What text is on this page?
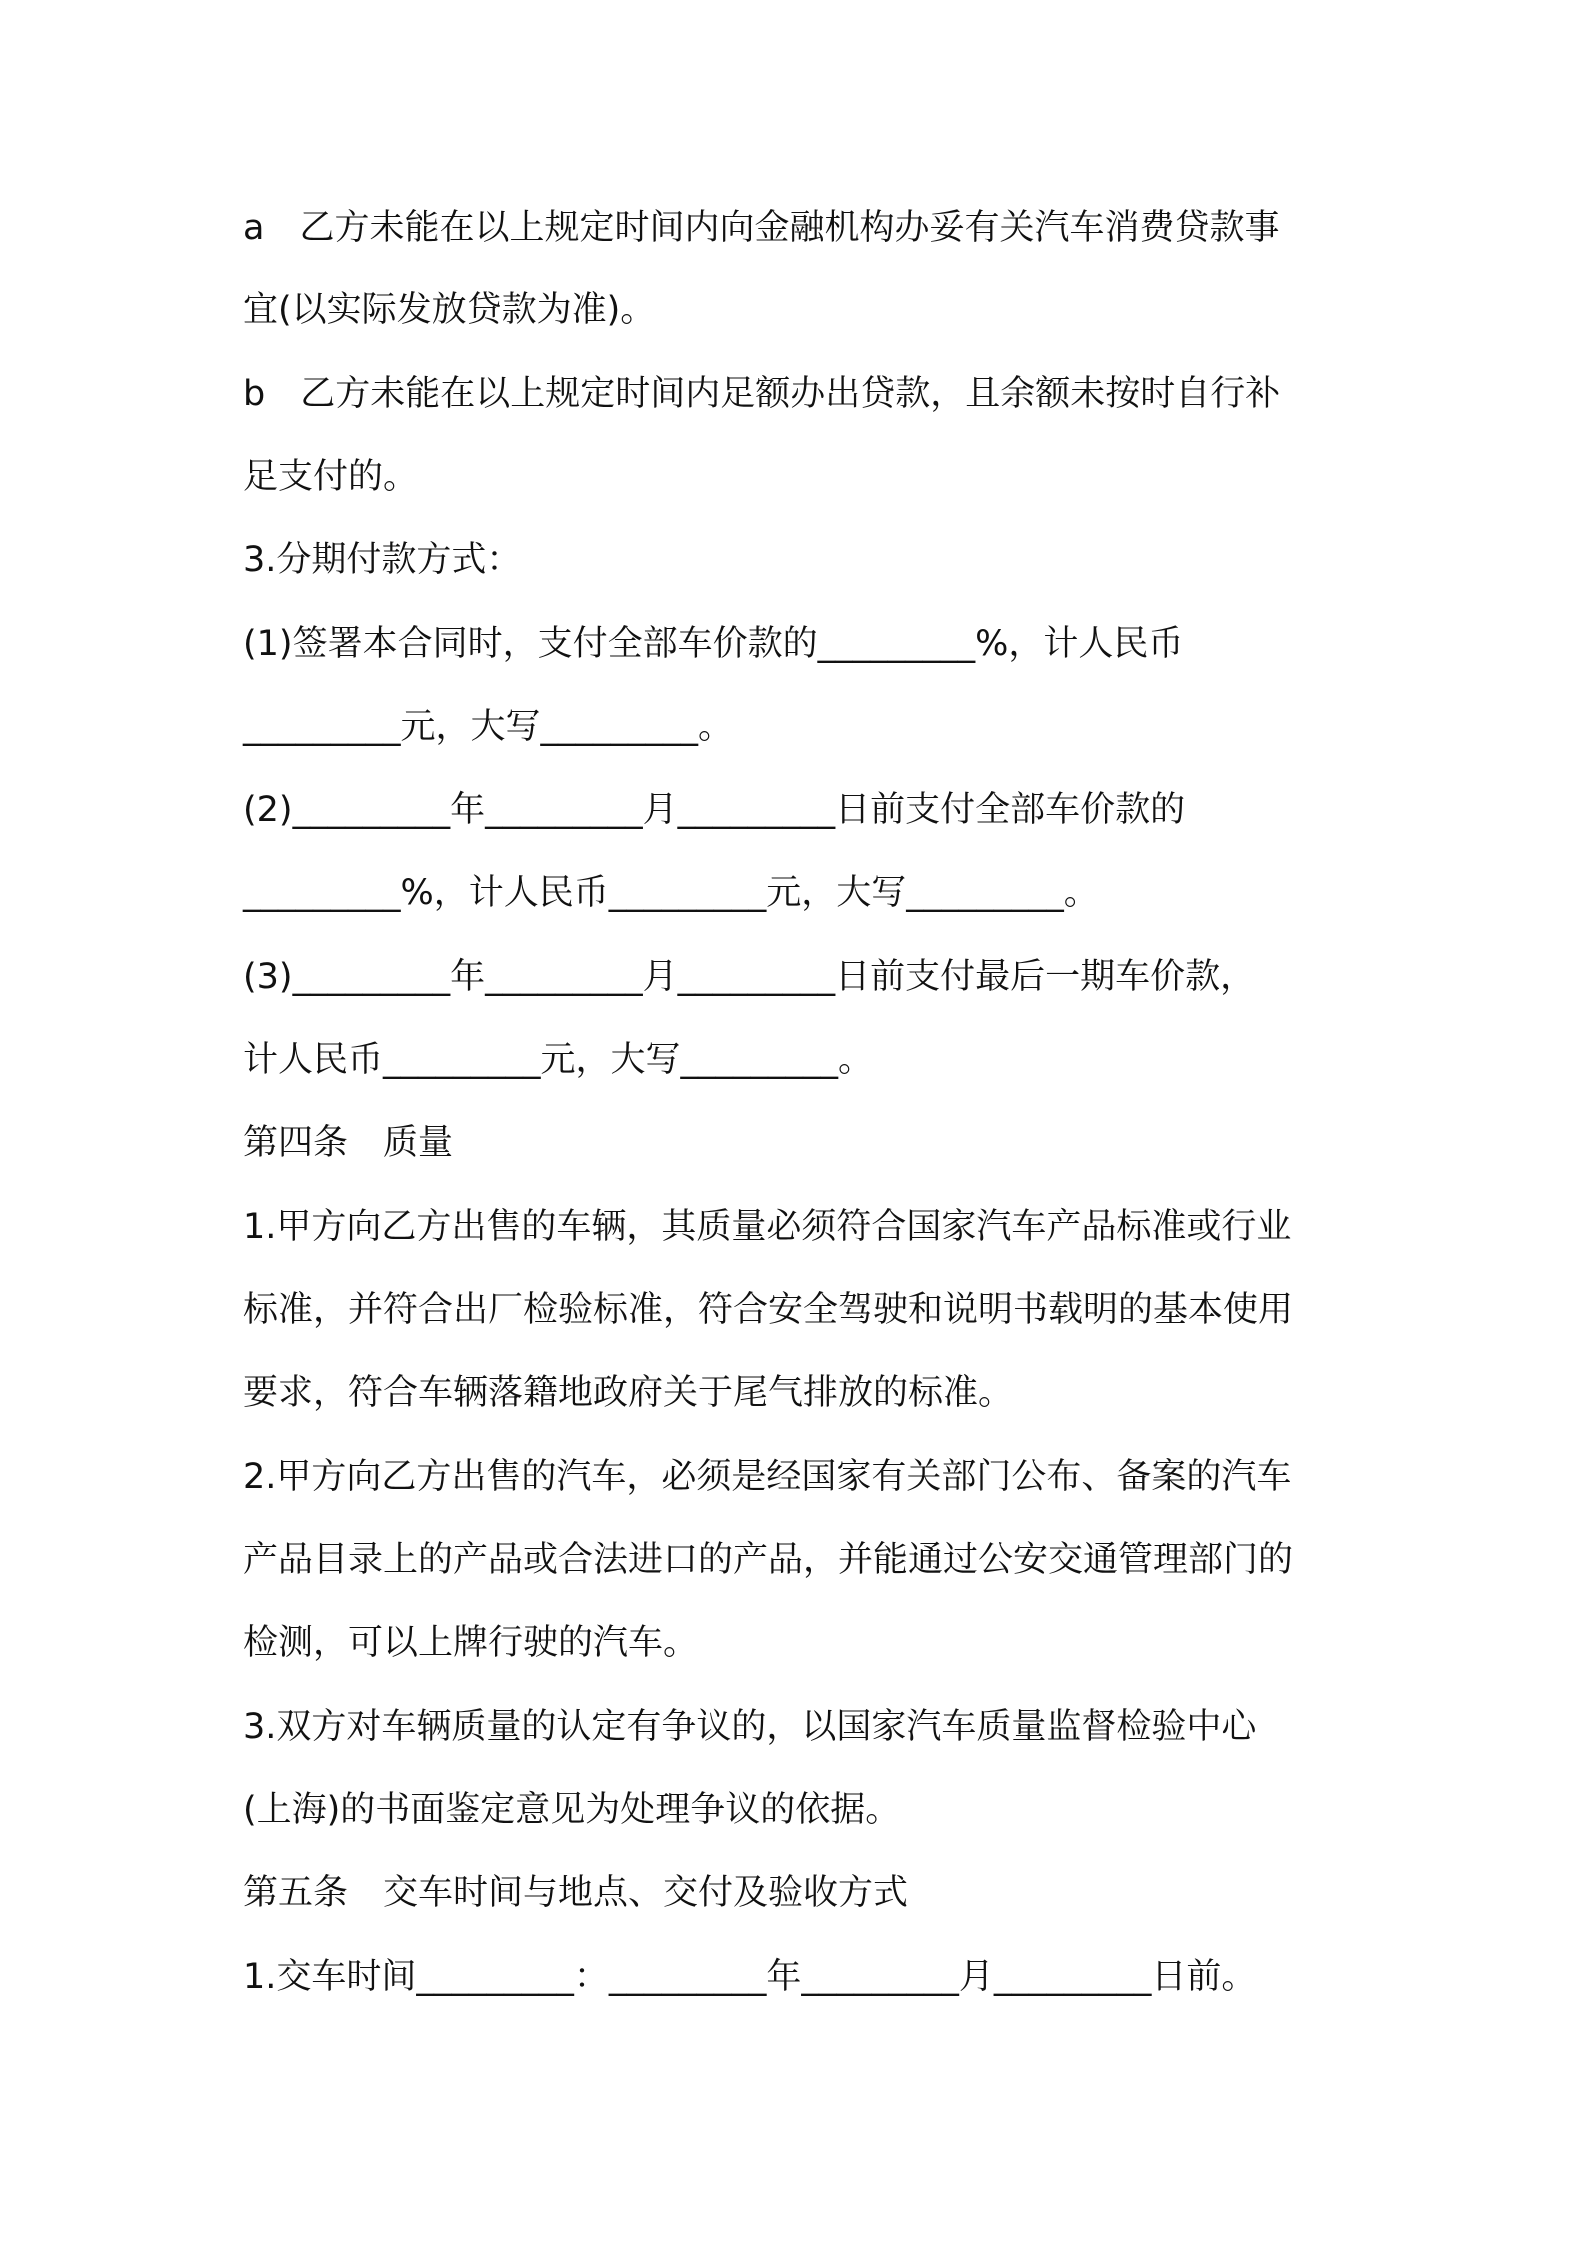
a　乙方未能在以上规定时间内向金融机构办妥有关汽车消费贷款事
宜(以实际发放贷款为准)。
b　乙方未能在以上规定时间内足额办出贷款，且余额未按时自行补
足支付的。
3.分期付款方式：
(1)签署本合同时，支付全部车价款的_________%，计人民币
_________元，大写_________。
(2)_________年_________月_________日前支付全部车价款的
_________%，计人民币_________元，大写_________。
(3)_________年_________月_________日前支付最后一期车价款，
计人民币_________元，大写_________。
第四条　质量
1.甲方向乙方出售的车辆，其质量必须符合国家汽车产品标准或行业
标准，并符合出厂检验标准，符合安全驾驶和说明书载明的基本使用
要求，符合车辆落籍地政府关于尾气排放的标准。
2.甲方向乙方出售的汽车，必须是经国家有关部门公布、备案的汽车
产品目录上的产品或合法进口的产品，并能通过公安交通管理部门的
检测，可以上牌行驶的汽车。
3.双方对车辆质量的认定有争议的，以国家汽车质量监督检验中心
(上海)的书面鉴定意见为处理争议的依据。
第五条　交车时间与地点、交付及验收方式
1.交车时间_________：_________年_________月_________日前。
